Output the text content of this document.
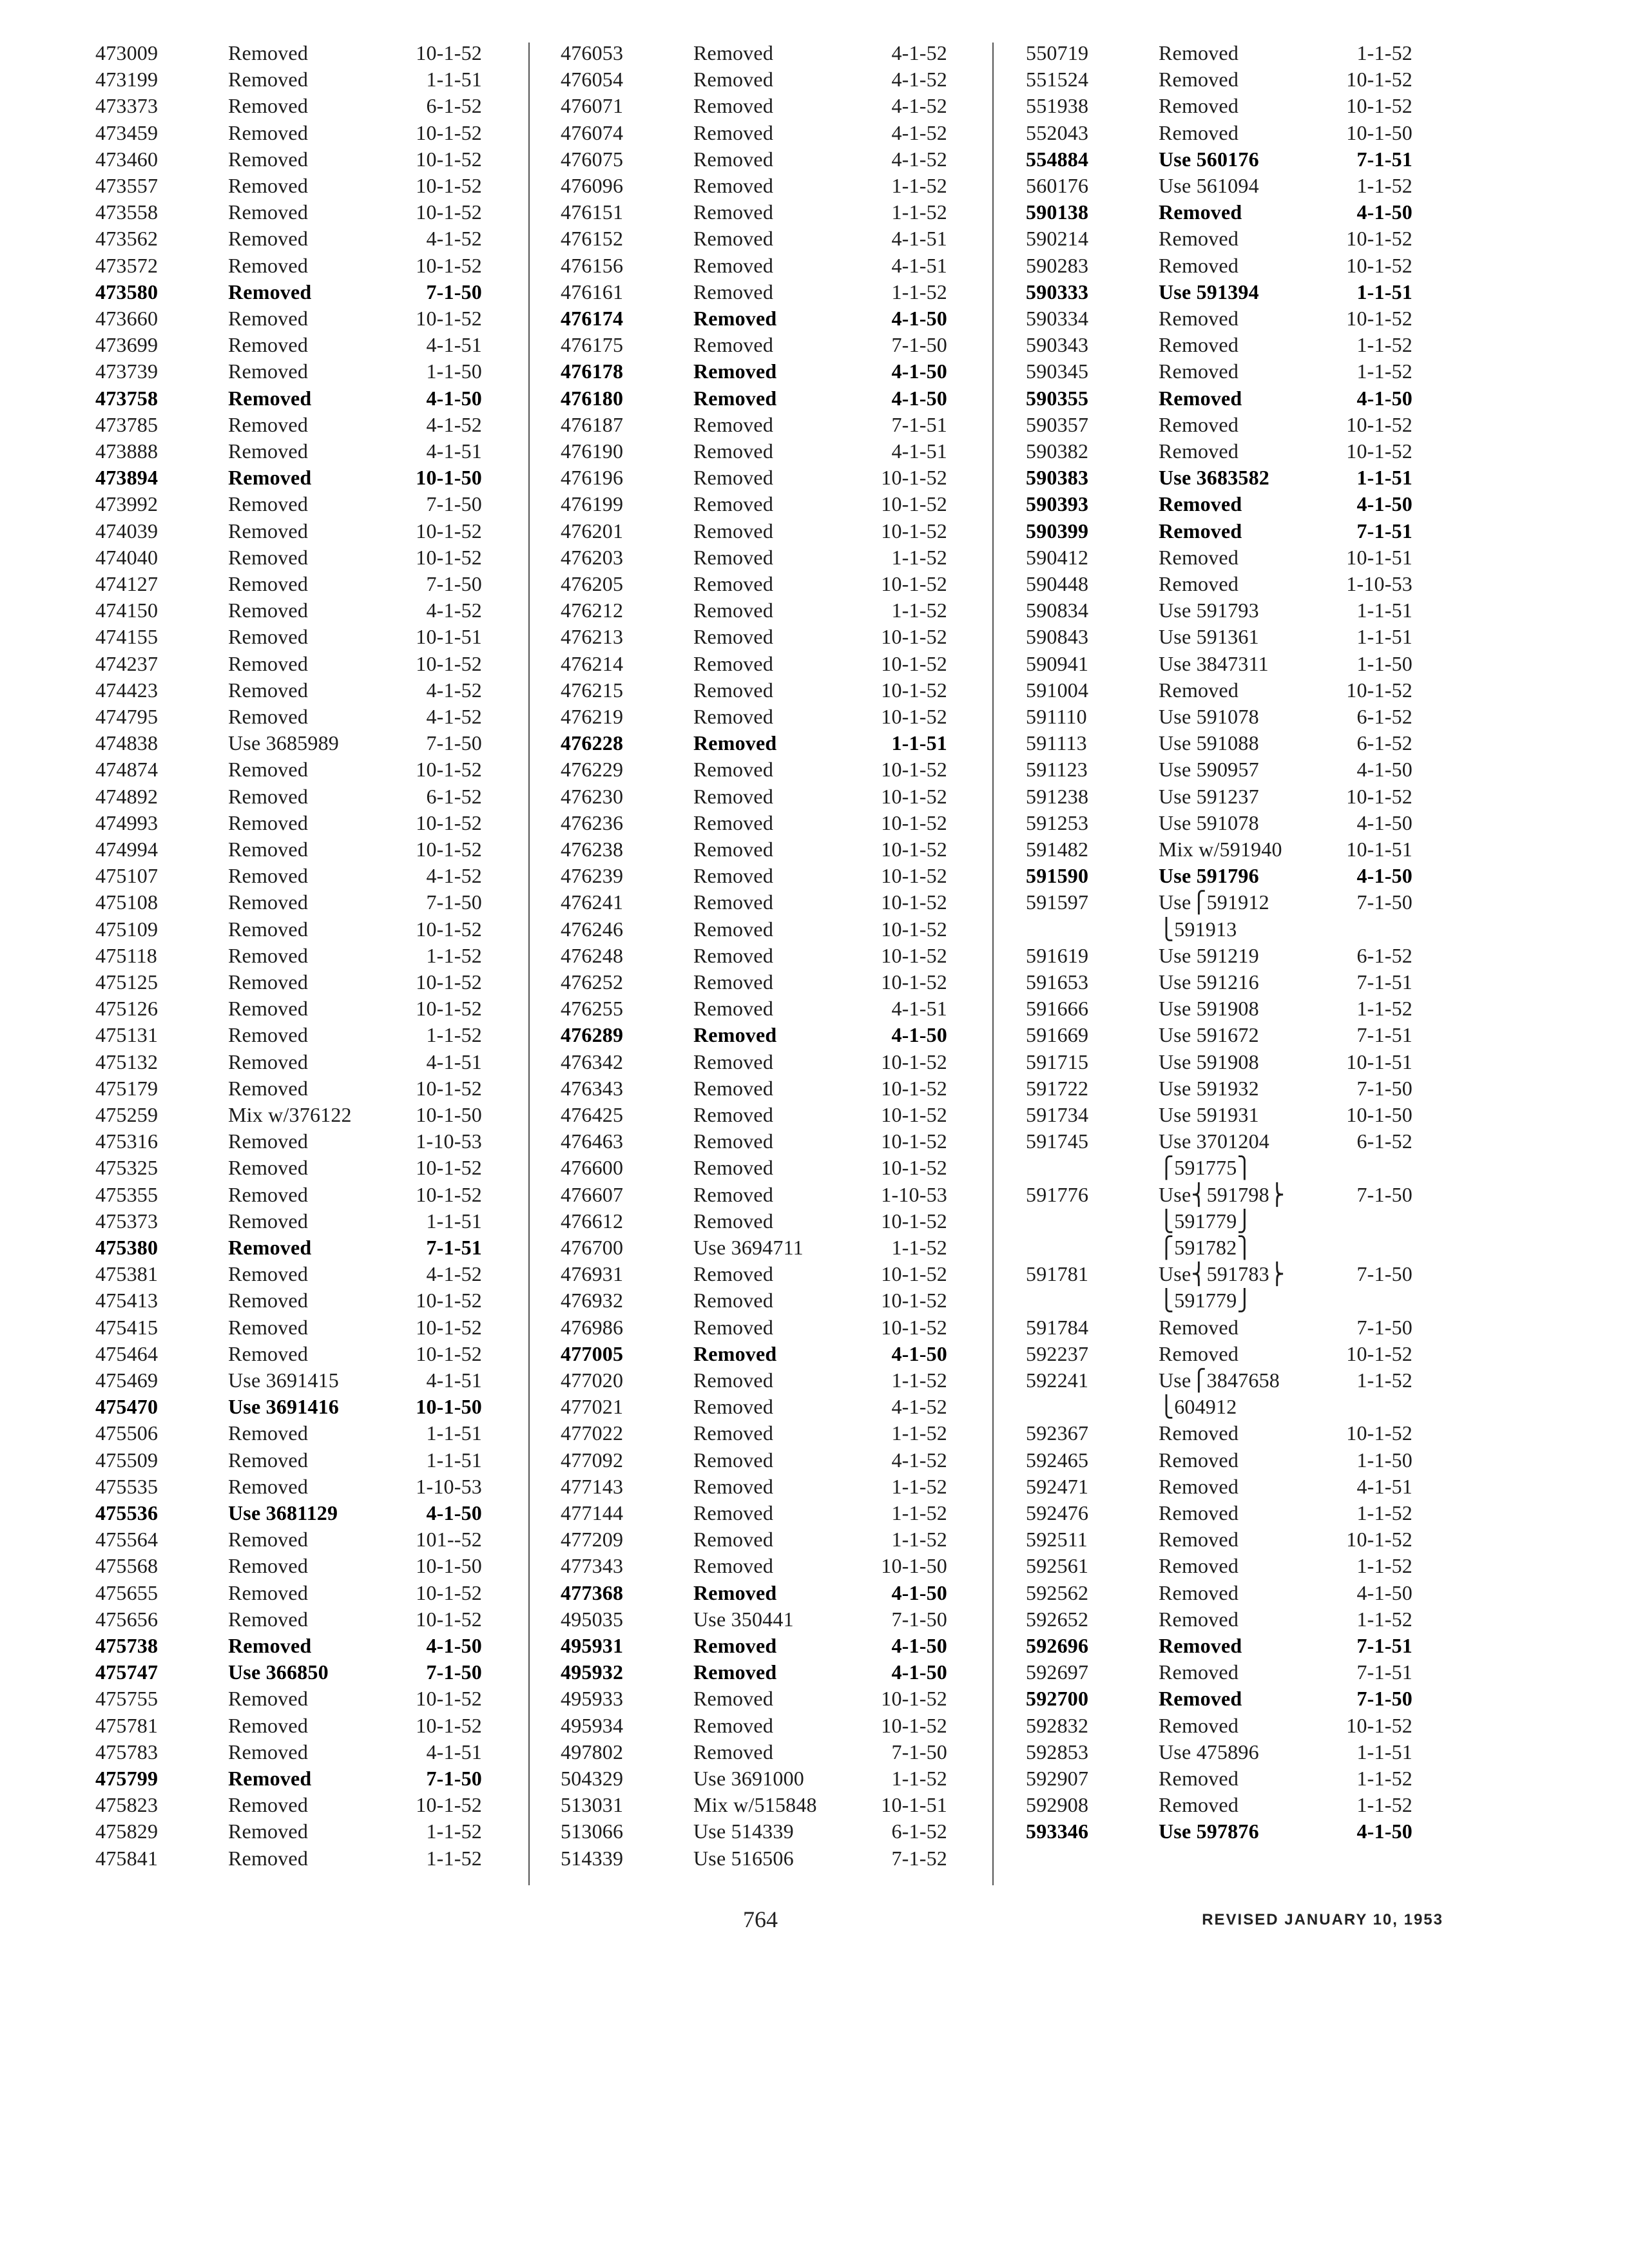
473009	Removed	10-1-52
473199	Removed	1-1-51
473373	Removed	6-1-52
473459	Removed	10-1-52
473460	Removed	10-1-52
473557	Removed	10-1-52
473558	Removed	10-1-52
473562	Removed	4-1-52
473572	Removed	10-1-52
473580	Removed	7-1-50
473660	Removed	10-1-52
473699	Removed	4-1-51
473739	Removed	1-1-50
473758	Removed	4-1-50
473785	Removed	4-1-52
473888	Removed	4-1-51
473894	Removed	10-1-50
473992	Removed	7-1-50
474039	Removed	10-1-52
474040	Removed	10-1-52
474127	Removed	7-1-50
474150	Removed	4-1-52
474155	Removed	10-1-51
474237	Removed	10-1-52
474423	Removed	4-1-52
474795	Removed	4-1-52
474838	Use 3685989	7-1-50
474874	Removed	10-1-52
474892	Removed	6-1-52
474993	Removed	10-1-52
474994	Removed	10-1-52
475107	Removed	4-1-52
475108	Removed	7-1-50
475109	Removed	10-1-52
475118	Removed	1-1-52
475125	Removed	10-1-52
475126	Removed	10-1-52
475131	Removed	1-1-52
475132	Removed	4-1-51
475179	Removed	10-1-52
475259	Mix w/376122	10-1-50
475316	Removed	1-10-53
475325	Removed	10-1-52
475355	Removed	10-1-52
475373	Removed	1-1-51
475380	Removed	7-1-51
475381	Removed	4-1-52
475413	Removed	10-1-52
475415	Removed	10-1-52
475464	Removed	10-1-52
475469	Use 3691415	4-1-51
475470	Use 3691416	10-1-50
475506	Removed	1-1-51
475509	Removed	1-1-51
475535	Removed	1-10-53
475536	Use 3681129	4-1-50
475564	Removed	101--52
475568	Removed	10-1-50
475655	Removed	10-1-52
475656	Removed	10-1-52
475738	Removed	4-1-50
475747	Use 366850	7-1-50
475755	Removed	10-1-52
475781	Removed	10-1-52
475783	Removed	4-1-51
475799	Removed	7-1-50
475823	Removed	10-1-52
475829	Removed	1-1-52
475841	Removed	1-1-52
476053	Removed	4-1-52
476054	Removed	4-1-52
476071	Removed	4-1-52
476074	Removed	4-1-52
476075	Removed	4-1-52
476096	Removed	1-1-52
476151	Removed	1-1-52
476152	Removed	4-1-51
476156	Removed	4-1-51
476161	Removed	1-1-52
476174	Removed	4-1-50
476175	Removed	7-1-50
476178	Removed	4-1-50
476180	Removed	4-1-50
476187	Removed	7-1-51
476190	Removed	4-1-51
476196	Removed	10-1-52
476199	Removed	10-1-52
476201	Removed	10-1-52
476203	Removed	1-1-52
476205	Removed	10-1-52
476212	Removed	1-1-52
476213	Removed	10-1-52
476214	Removed	10-1-52
476215	Removed	10-1-52
476219	Removed	10-1-52
476228	Removed	1-1-51
476229	Removed	10-1-52
476230	Removed	10-1-52
476236	Removed	10-1-52
476238	Removed	10-1-52
476239	Removed	10-1-52
476241	Removed	10-1-52
476246	Removed	10-1-52
476248	Removed	10-1-52
476252	Removed	10-1-52
476255	Removed	4-1-51
476289	Removed	4-1-50
476342	Removed	10-1-52
476343	Removed	10-1-52
476425	Removed	10-1-52
476463	Removed	10-1-52
476600	Removed	10-1-52
476607	Removed	1-10-53
476612	Removed	10-1-52
476700	Use 3694711	1-1-52
476931	Removed	10-1-52
476932	Removed	10-1-52
476986	Removed	10-1-52
477005	Removed	4-1-50
477020	Removed	1-1-52
477021	Removed	4-1-52
477022	Removed	1-1-52
477092	Removed	4-1-52
477143	Removed	1-1-52
477144	Removed	1-1-52
477209	Removed	1-1-52
477343	Removed	10-1-50
477368	Removed	4-1-50
495035	Use 350441	7-1-50
495931	Removed	4-1-50
495932	Removed	4-1-50
495933	Removed	10-1-52
495934	Removed	10-1-52
497802	Removed	7-1-50
504329	Use 3691000	1-1-52
513031	Mix w/515848	10-1-51
513066	Use 514339	6-1-52
514339	Use 516506	7-1-52
550719	Removed	1-1-52
551524	Removed	10-1-52
551938	Removed	10-1-52
552043	Removed	10-1-50
554884	Use 560176	7-1-51
560176	Use 561094	1-1-52
590138	Removed	4-1-50
590214	Removed	10-1-52
590283	Removed	10-1-52
590333	Use 591394	1-1-51
590334	Removed	10-1-52
590343	Removed	1-1-52
590345	Removed	1-1-52
590355	Removed	4-1-50
590357	Removed	10-1-52
590382	Removed	10-1-52
590383	Use 3683582	1-1-51
590393	Removed	4-1-50
590399	Removed	7-1-51
590412	Removed	10-1-51
590448	Removed	1-10-53
590834	Use 591793	1-1-51
590843	Use 591361	1-1-51
590941	Use 3847311	1-1-50
591004	Removed	10-1-52
591110	Use 591078	6-1-52
591113	Use 591088	6-1-52
591123	Use 590957	4-1-50
591238	Use 591237	10-1-52
591253	Use 591078	4-1-50
591482	Mix w/591940	10-1-51
591590	Use 591796	4-1-50
591597	Use⎧591912	7-1-50
⎩591913
591619	Use 591219	6-1-52
591653	Use 591216	7-1-51
591666	Use 591908	1-1-52
591669	Use 591672	7-1-51
591715	Use 591908	10-1-51
591722	Use 591932	7-1-50
591734	Use 591931	10-1-50
591745	Use 3701204	6-1-52
⎧591775⎫
591776	Use⎨591798⎬	7-1-50
⎩591779⎭
⎧591782⎫
591781	Use⎨591783⎬	7-1-50
⎩591779⎭
591784	Removed	7-1-50
592237	Removed	10-1-52
592241	Use⎧3847658	1-1-52
⎩604912
592367	Removed	10-1-52
592465	Removed	1-1-50
592471	Removed	4-1-51
592476	Removed	1-1-52
592511	Removed	10-1-52
592561	Removed	1-1-52
592562	Removed	4-1-50
592652	Removed	1-1-52
592696	Removed	7-1-51
592697	Removed	7-1-51
592700	Removed	7-1-50
592832	Removed	10-1-52
592853	Use 475896	1-1-51
592907	Removed	1-1-52
592908	Removed	1-1-52
593346	Use 597876	4-1-50
764	REVISED JANUARY 10, 1953
